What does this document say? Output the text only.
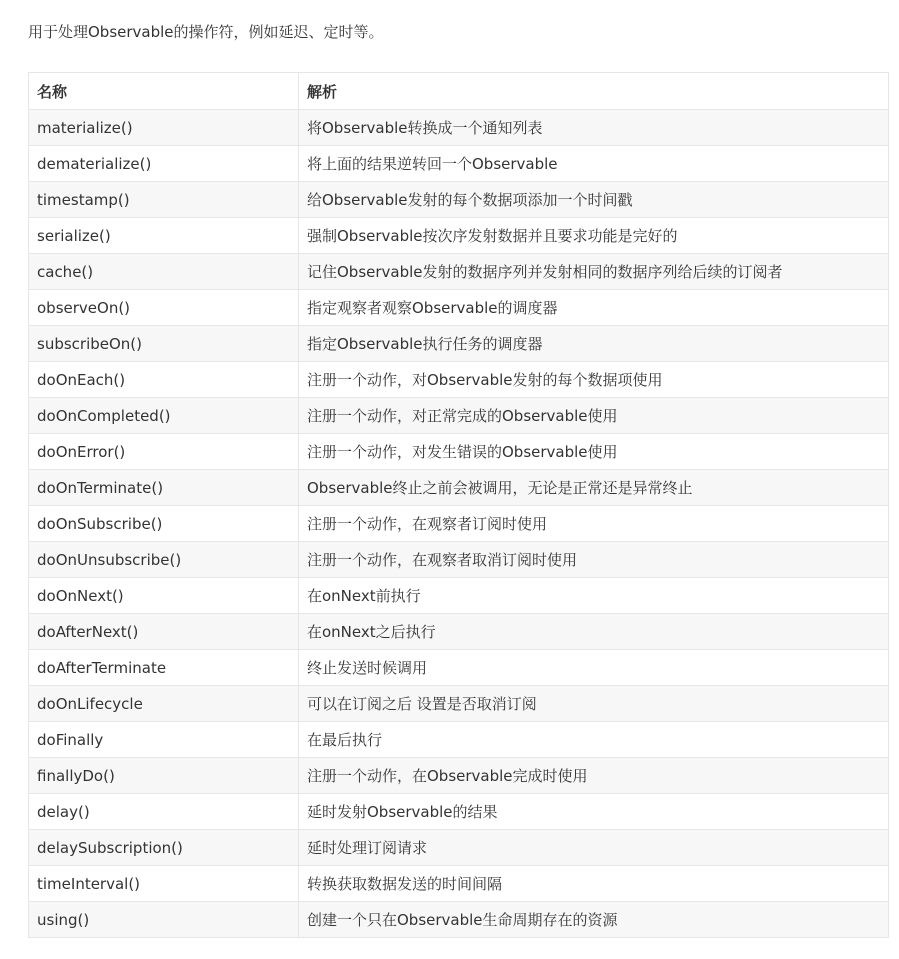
用于处理Observable的操作符，例如延迟、定时等。

名称	解析
materialize()	将Observable转换成一个通知列表
dematerialize()	将上面的结果逆转回一个Observable
timestamp()	给Observable发射的每个数据项添加一个时间戳
serialize()	强制Observable按次序发射数据并且要求功能是完好的
cache()	记住Observable发射的数据序列并发射相同的数据序列给后续的订阅者
observeOn()	指定观察者观察Observable的调度器
subscribeOn()	指定Observable执行任务的调度器
doOnEach()	注册一个动作，对Observable发射的每个数据项使用
doOnCompleted()	注册一个动作，对正常完成的Observable使用
doOnError()	注册一个动作，对发生错误的Observable使用
doOnTerminate()	Observable终止之前会被调用，无论是正常还是异常终止
doOnSubscribe()	注册一个动作，在观察者订阅时使用
doOnUnsubscribe()	注册一个动作，在观察者取消订阅时使用
doOnNext()	在onNext前执行
doAfterNext()	在onNext之后执行
doAfterTerminate	终止发送时候调用
doOnLifecycle	可以在订阅之后 设置是否取消订阅
doFinally	在最后执行
finallyDo()	注册一个动作，在Observable完成时使用
delay()	延时发射Observable的结果
delaySubscription()	延时处理订阅请求
timeInterval()	转换获取数据发送的时间间隔
using()	创建一个只在Observable生命周期存在的资源
